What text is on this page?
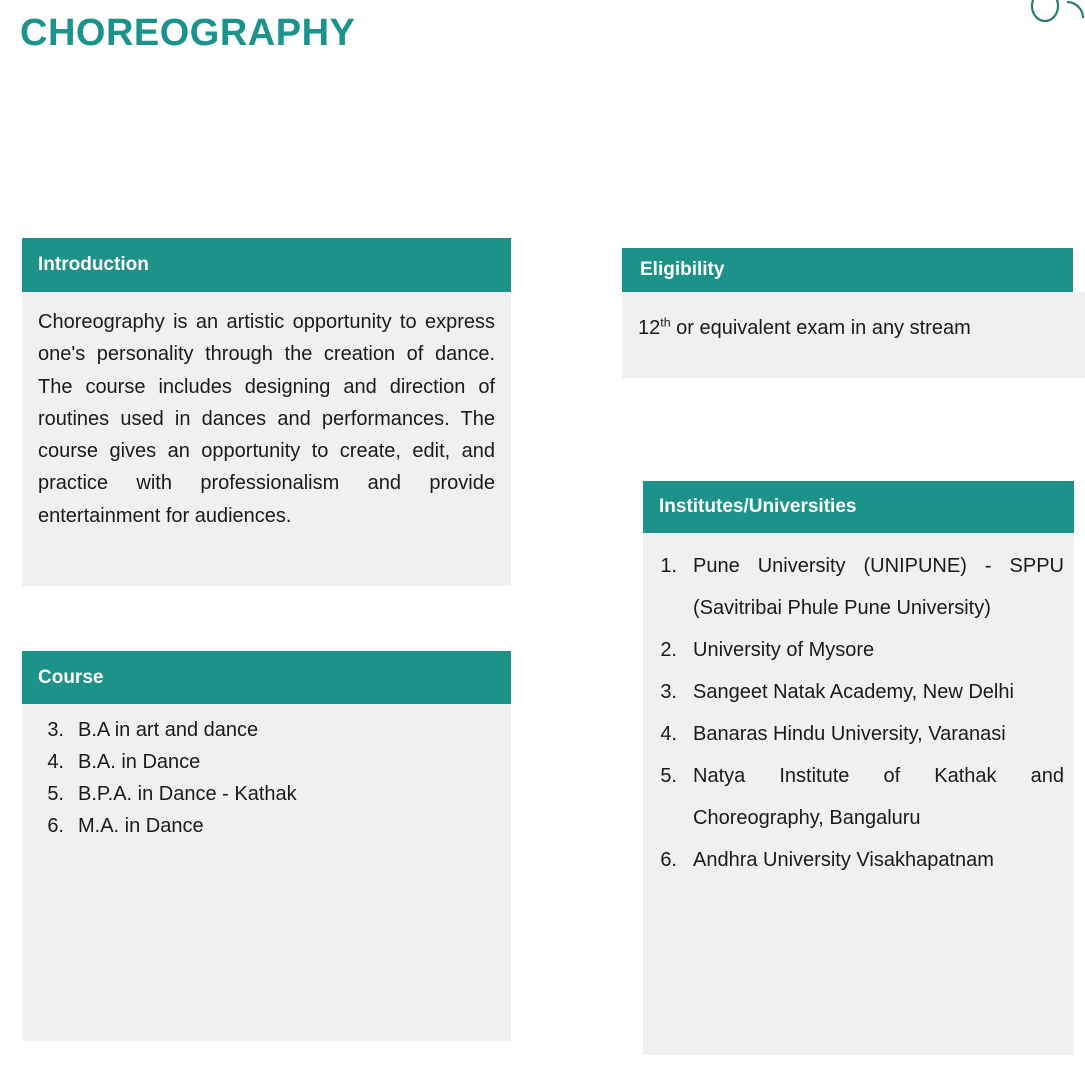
CHOREOGRAPHY
Introduction

Choreography is an artistic opportunity to express one's personality through the creation of dance. The course includes designing and direction of routines used in dances and performances. The course gives an opportunity to create, edit, and practice with professionalism and provide entertainment for audiences.

Eligibility

12th or equivalent exam in any stream

Course
3. B.A in art and dance
4. B.A. in Dance
5. B.P.A. in Dance - Kathak
6. M.A. in Dance
Institutes/Universities
1. Pune University (UNIPUNE) - SPPU (Savitribai Phule Pune University)
2. University of Mysore
3. Sangeet Natak Academy, New Delhi
4. Banaras Hindu University, Varanasi
5. Natya Institute of Kathak and Choreography, Bangaluru
6. Andhra University Visakhapatnam
